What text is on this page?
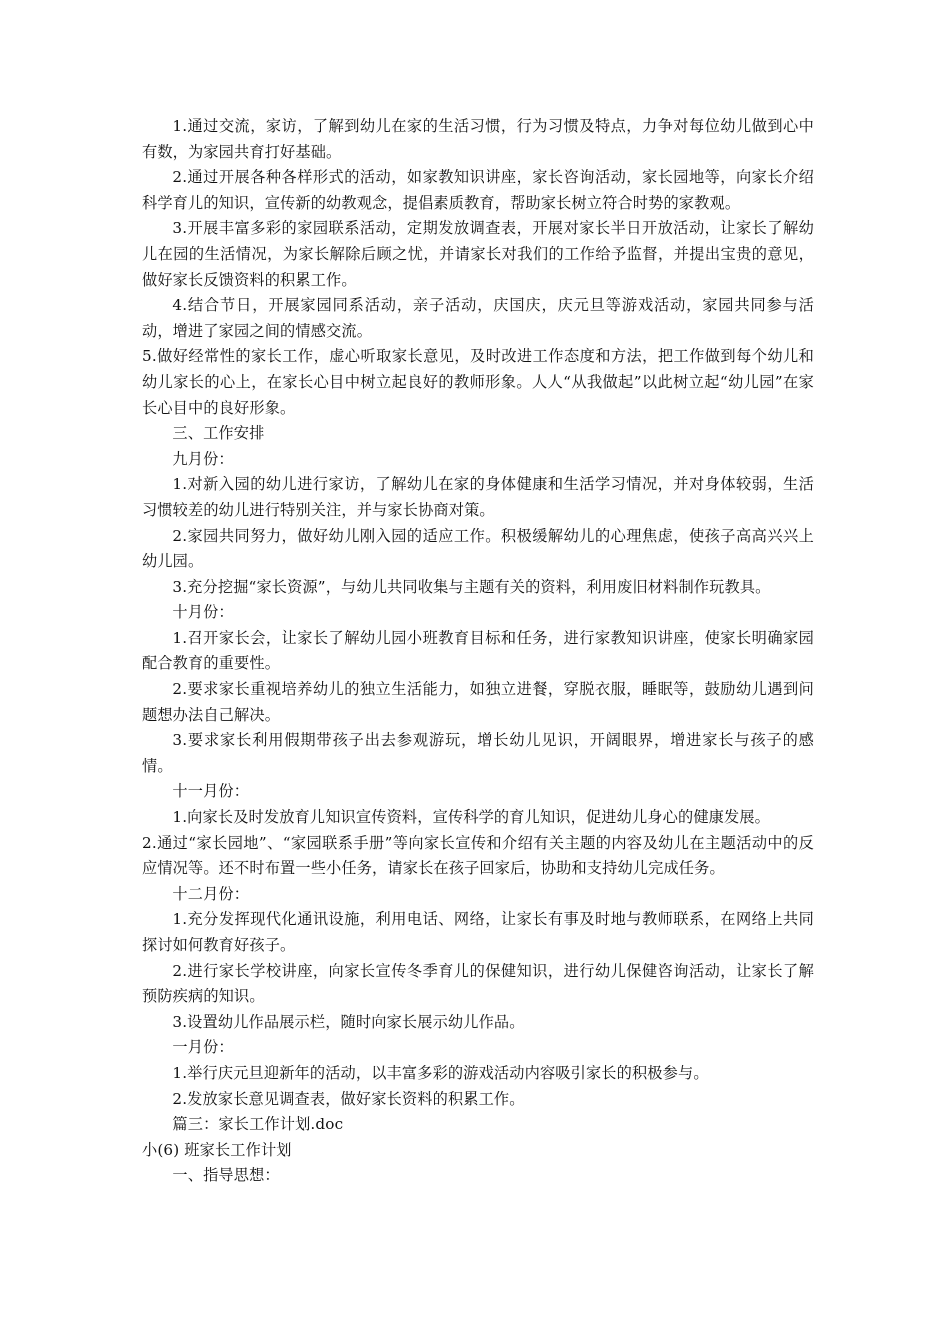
1.通过交流，家访，了解到幼儿在家的生活习惯，行为习惯及特点，力争对每位幼儿做到心中有数，为家园共育打好基础。

2.通过开展各种各样形式的活动，如家教知识讲座，家长咨询活动，家长园地等，向家长介绍科学育儿的知识，宣传新的幼教观念，提倡素质教育，帮助家长树立符合时势的家教观。

3.开展丰富多彩的家园联系活动，定期发放调查表，开展对家长半日开放活动，让家长了解幼儿在园的生活情况，为家长解除后顾之忧，并请家长对我们的工作给予监督，并提出宝贵的意见，做好家长反馈资料的积累工作。

4.结合节日，开展家园同系活动，亲子活动，庆国庆，庆元旦等游戏活动，家园共同参与活动，增进了家园之间的情感交流。

5.做好经常性的家长工作，虚心听取家长意见，及时改进工作态度和方法，把工作做到每个幼儿和幼儿家长的心上，在家长心目中树立起良好的教师形象。人人“从我做起”以此树立起“幼儿园”在家长心目中的良好形象。

三、工作安排

九月份：

1.对新入园的幼儿进行家访，了解幼儿在家的身体健康和生活学习情况，并对身体较弱，生活习惯较差的幼儿进行特别关注，并与家长协商对策。

2.家园共同努力，做好幼儿刚入园的适应工作。积极缓解幼儿的心理焦虑，使孩子高高兴兴上幼儿园。

3.充分挖掘“家长资源”，与幼儿共同收集与主题有关的资料，利用废旧材料制作玩教具。

十月份：

1.召开家长会，让家长了解幼儿园小班教育目标和任务，进行家教知识讲座，使家长明确家园配合教育的重要性。

2.要求家长重视培养幼儿的独立生活能力，如独立进餐，穿脱衣服，睡眠等，鼓励幼儿遇到问题想办法自己解决。

3.要求家长利用假期带孩子出去参观游玩，增长幼儿见识，开阔眼界，增进家长与孩子的感情。

十一月份：

1.向家长及时发放育儿知识宣传资料，宣传科学的育儿知识，促进幼儿身心的健康发展。

2.通过“家长园地”、“家园联系手册”等向家长宣传和介绍有关主题的内容及幼儿在主题活动中的反应情况等。还不时布置一些小任务，请家长在孩子回家后，协助和支持幼儿完成任务。

十二月份：

1.充分发挥现代化通讯设施，利用电话、网络，让家长有事及时地与教师联系，在网络上共同探讨如何教育好孩子。

2.进行家长学校讲座，向家长宣传冬季育儿的保健知识，进行幼儿保健咨询活动，让家长了解预防疾病的知识。

3.设置幼儿作品展示栏，随时向家长展示幼儿作品。

一月份：

1.举行庆元旦迎新年的活动，以丰富多彩的游戏活动内容吸引家长的积极参与。

2.发放家长意见调查表，做好家长资料的积累工作。

篇三：家长工作计划.doc

小(6) 班家长工作计划

一、指导思想：
